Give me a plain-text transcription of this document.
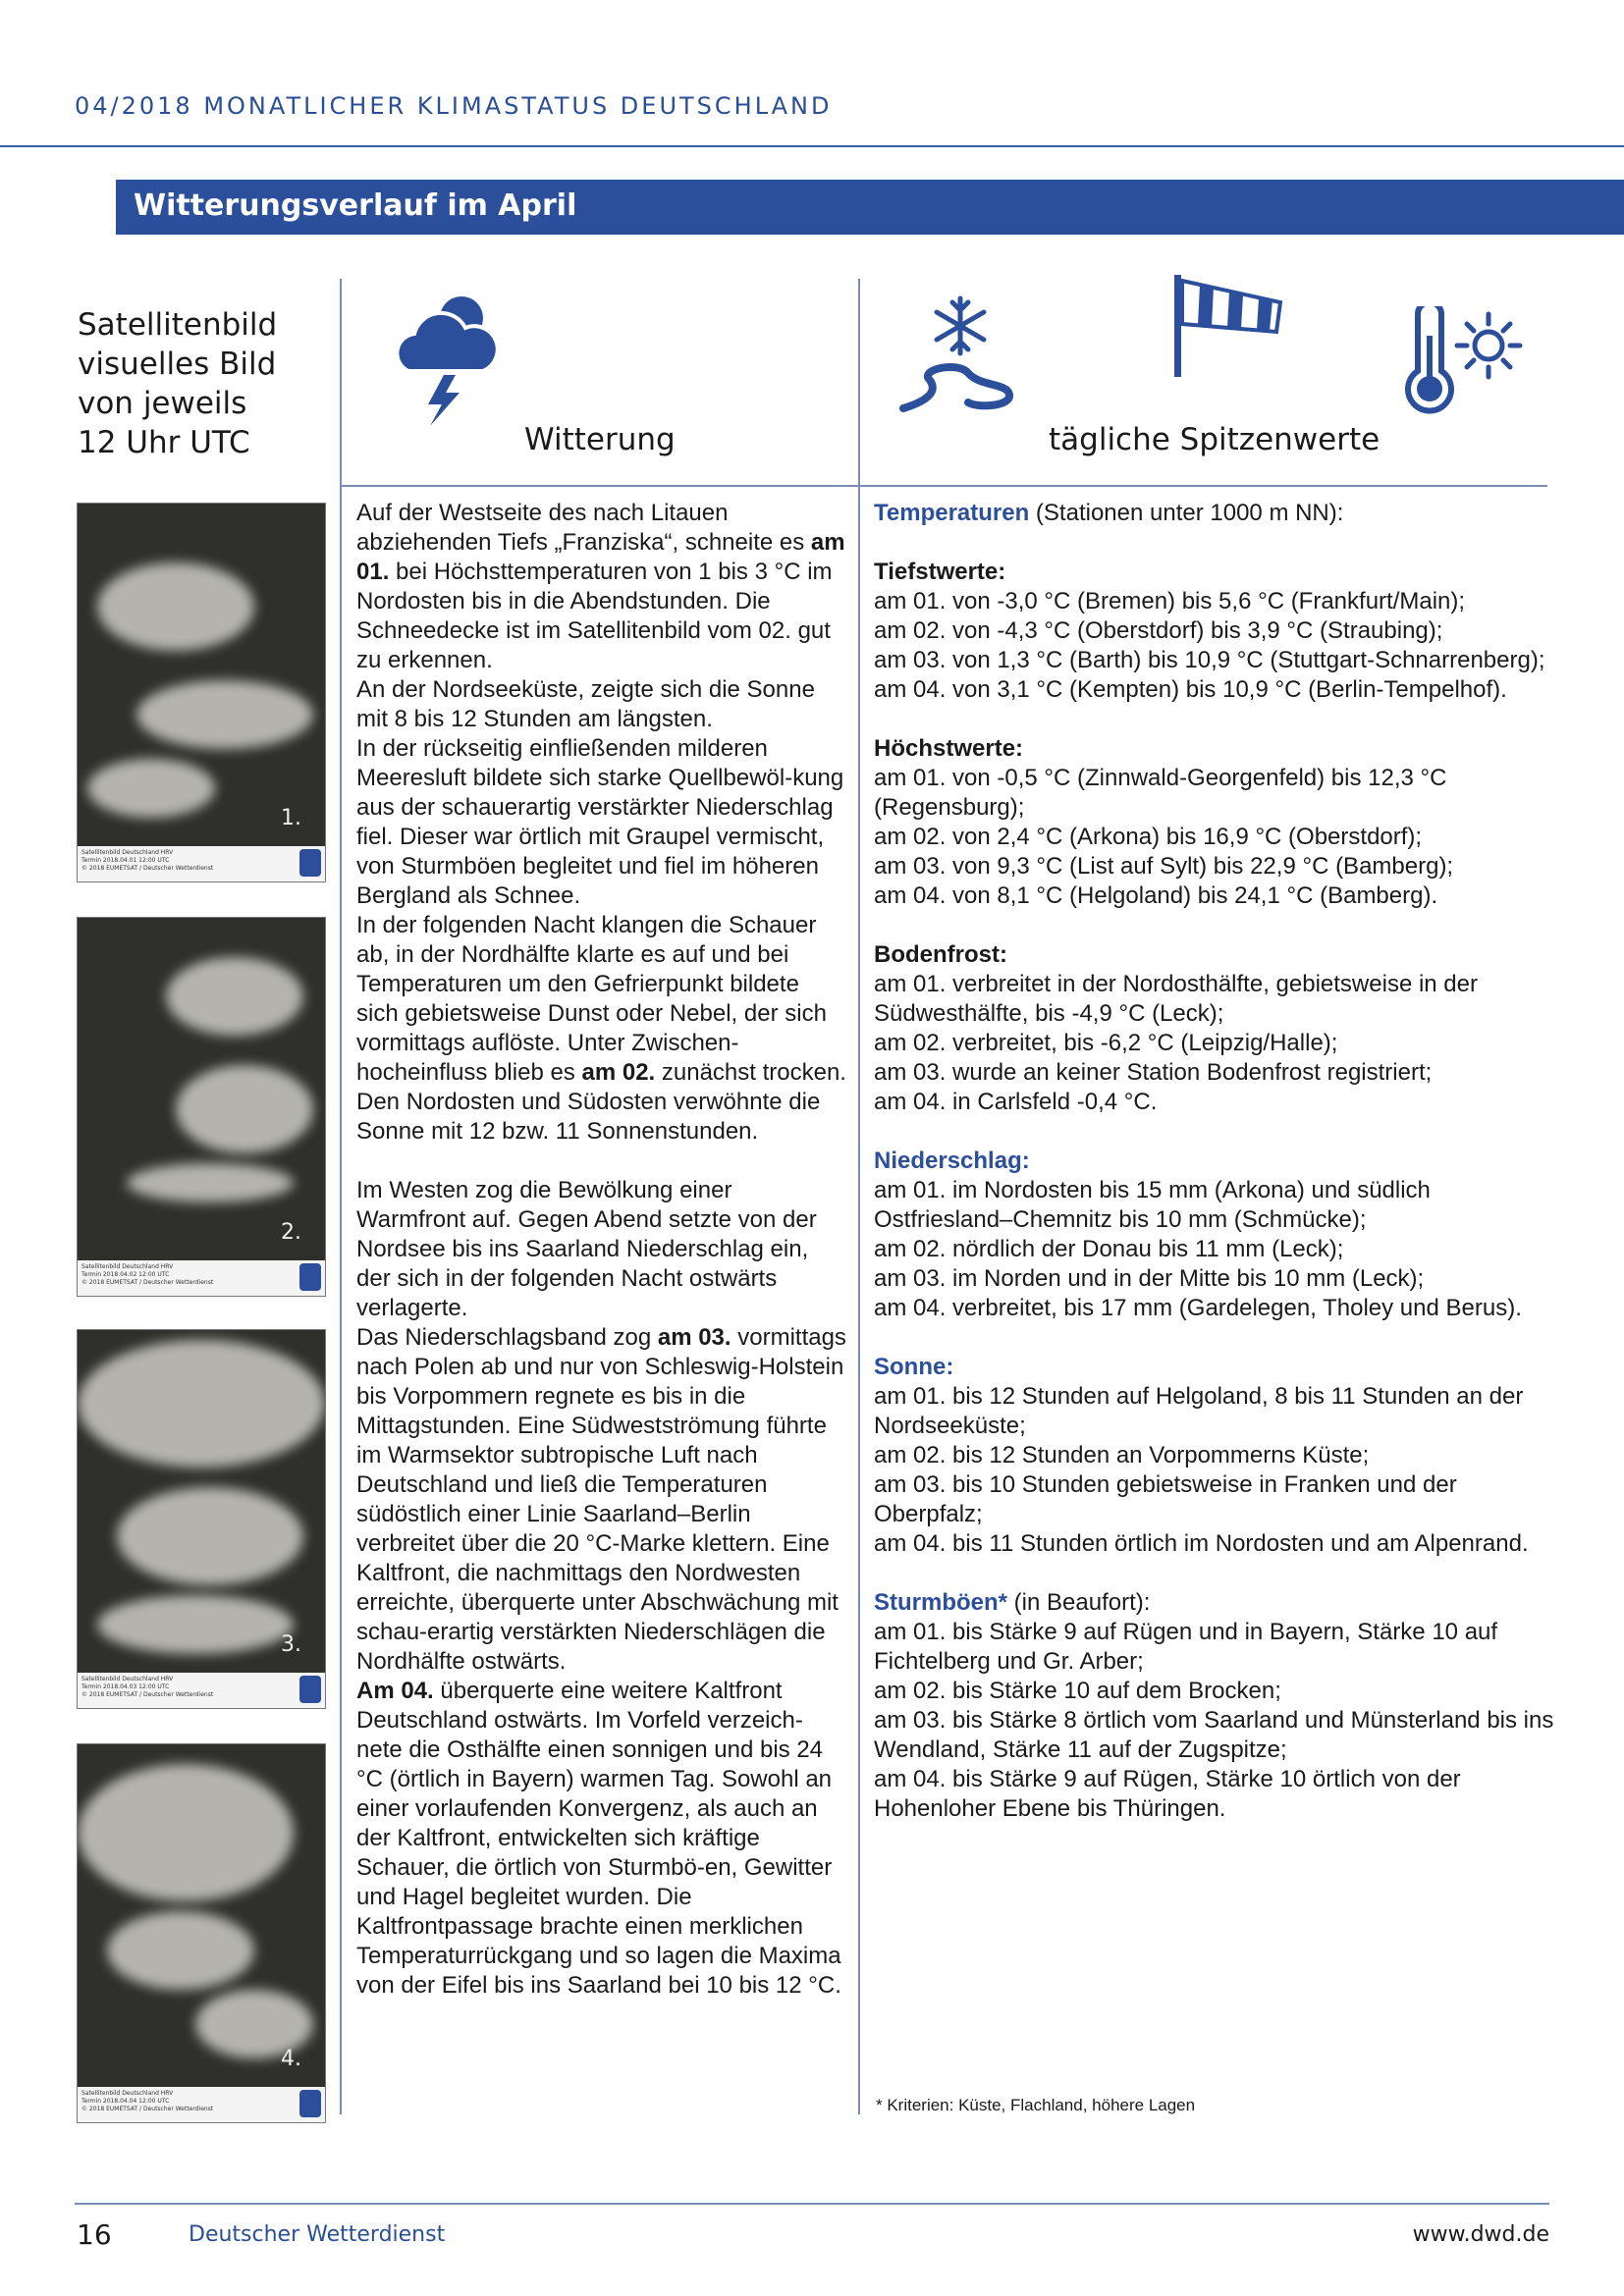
04/2018 MONATLICHER KLIMASTATUS DEUTSCHLAND
Witterungsverlauf im April
Satellitenbild
visuelles Bild
von jeweils
12 Uhr UTC	Witterung	tägliche Spitzenwerte
1.
Satellitenbild Deutschland HRV
Termin 2018.04.01 12:00 UTC
© 2018 EUMETSAT / Deutscher Wetterdienst
2.
Satellitenbild Deutschland HRV
Termin 2018.04.02 12:00 UTC
© 2018 EUMETSAT / Deutscher Wetterdienst
3.
Satellitenbild Deutschland HRV
Termin 2018.04.03 12:00 UTC
© 2018 EUMETSAT / Deutscher Wetterdienst
4.
Satellitenbild Deutschland HRV
Termin 2018.04.04 12:00 UTC
© 2018 EUMETSAT / Deutscher Wetterdienst

Auf der Westseite des nach Litauen abziehenden Tiefs „Franziska“, schneite es am 01. bei Höchsttemperaturen von 1 bis 3 °C im Nordosten bis in die Abendstunden. Die Schneedecke ist im Satellitenbild vom 02. gut zu erkennen.

An der Nordseeküste, zeigte sich die Sonne mit 8 bis 12 Stunden am längsten.

In der rückseitig einfließenden milderen Meeresluft bildete sich starke Quellbewöl-kung aus der schauerartig verstärkter Niederschlag fiel. Dieser war örtlich mit Graupel vermischt, von Sturmböen begleitet und fiel im höheren Bergland als Schnee.

In der folgenden Nacht klangen die Schauer ab, in der Nordhälfte klarte es auf und bei Temperaturen um den Gefrierpunkt bildete sich gebietsweise Dunst oder Nebel, der sich vormittags auflöste. Unter Zwischen-hocheinfluss blieb es am 02. zunächst trocken. Den Nordosten und Südosten verwöhnte die Sonne mit 12 bzw. 11 Sonnenstunden.

Im Westen zog die Bewölkung einer Warmfront auf. Gegen Abend setzte von der Nordsee bis ins Saarland Niederschlag ein, der sich in der folgenden Nacht ostwärts verlagerte.

Das Niederschlagsband zog am 03. vormittags nach Polen ab und nur von Schleswig-Holstein bis Vorpommern regnete es bis in die Mittagstunden. Eine Südwestströmung führte im Warmsektor subtropische Luft nach Deutschland und ließ die Temperaturen südöstlich einer Linie Saarland–Berlin verbreitet über die 20 °C-Marke klettern. Eine Kaltfront, die nachmittags den Nordwesten erreichte, überquerte unter Abschwächung mit schau-erartig verstärkten Niederschlägen die Nordhälfte ostwärts.

Am 04. überquerte eine weitere Kaltfront Deutschland ostwärts. Im Vorfeld verzeich-nete die Osthälfte einen sonnigen und bis 24 °C (örtlich in Bayern) warmen Tag. Sowohl an einer vorlaufenden Konvergenz, als auch an der Kaltfront, entwickelten sich kräftige Schauer, die örtlich von Sturmbö-en, Gewitter und Hagel begleitet wurden. Die Kaltfrontpassage brachte einen merklichen Temperaturrückgang und so lagen die Maxima von der Eifel bis ins Saarland bei 10 bis 12 °C.

Temperaturen (Stationen unter 1000 m NN):

Tiefstwerte:

am 01. von -3,0 °C (Bremen) bis 5,6 °C (Frankfurt/Main);

am 02. von -4,3 °C (Oberstdorf) bis 3,9 °C (Straubing);

am 03. von 1,3 °C (Barth) bis 10,9 °C (Stuttgart-Schnarrenberg);

am 04. von 3,1 °C (Kempten) bis 10,9 °C (Berlin-Tempelhof).

Höchstwerte:

am 01. von -0,5 °C (Zinnwald-Georgenfeld) bis 12,3 °C (Regensburg);

am 02. von 2,4 °C (Arkona) bis 16,9 °C (Oberstdorf);

am 03. von 9,3 °C (List auf Sylt) bis 22,9 °C (Bamberg);

am 04. von 8,1 °C (Helgoland) bis 24,1 °C (Bamberg).

Bodenfrost:

am 01. verbreitet in der Nordosthälfte, gebietsweise in der Südwesthälfte, bis -4,9 °C (Leck);

am 02. verbreitet, bis -6,2 °C (Leipzig/Halle);

am 03. wurde an keiner Station Bodenfrost registriert;

am 04. in Carlsfeld -0,4 °C.

Niederschlag:

am 01. im Nordosten bis 15 mm (Arkona) und südlich Ostfriesland–Chemnitz bis 10 mm (Schmücke);

am 02. nördlich der Donau bis 11 mm (Leck);

am 03. im Norden und in der Mitte bis 10 mm (Leck);

am 04. verbreitet, bis 17 mm (Gardelegen, Tholey und Berus).

Sonne:

am 01. bis 12 Stunden auf Helgoland, 8 bis 11 Stunden an der Nordseeküste;

am 02. bis 12 Stunden an Vorpommerns Küste;

am 03. bis 10 Stunden gebietsweise in Franken und der Oberpfalz;

am 04. bis 11 Stunden örtlich im Nordosten und am Alpenrand.

Sturmböen* (in Beaufort):

am 01. bis Stärke 9 auf Rügen und in Bayern, Stärke 10 auf Fichtelberg und Gr. Arber;

am 02. bis Stärke 10 auf dem Brocken;

am 03. bis Stärke 8 örtlich vom Saarland und Münsterland bis ins Wendland, Stärke 11 auf der Zugspitze;

am 04. bis Stärke 9 auf Rügen, Stärke 10 örtlich von der Hohenloher Ebene bis Thüringen.

* Kriterien: Küste, Flachland, höhere Lagen
16	Deutscher Wetterdienst	www.dwd.de
